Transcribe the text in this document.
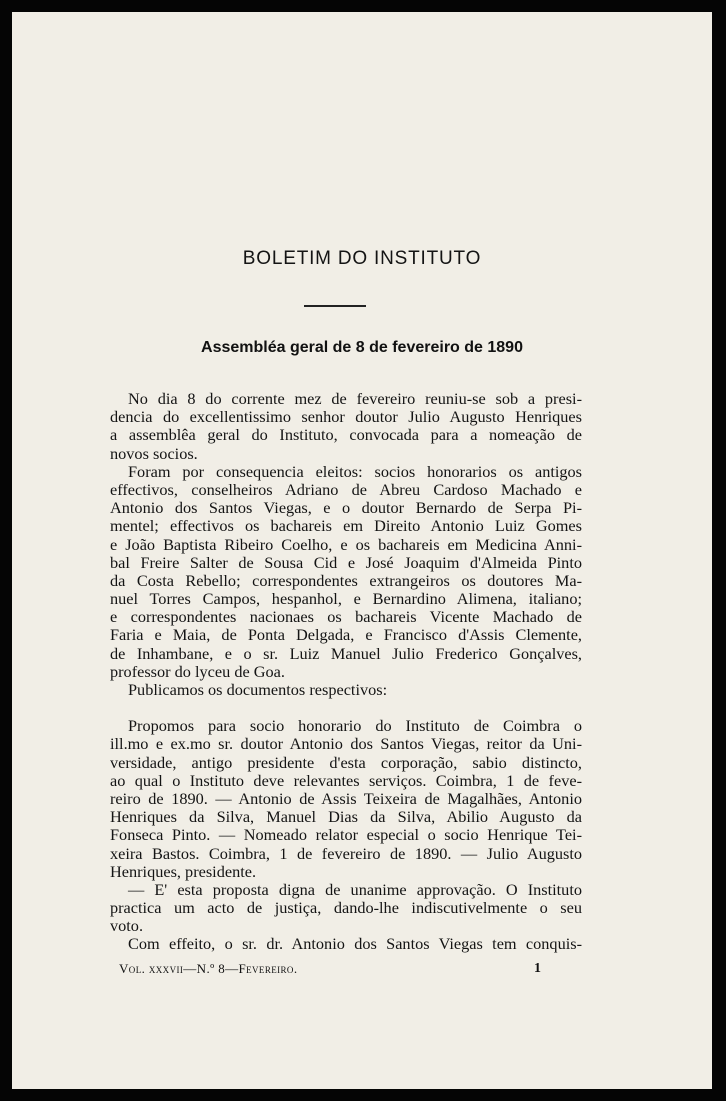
BOLETIM DO INSTITUTO
Assembléa geral de 8 de fevereiro de 1890
No dia 8 do corrente mez de fevereiro reuniu-se sob a presi-
dencia do excellentissimo senhor doutor Julio Augusto Henriques
a assemblêa geral do Instituto, convocada para a nomeação de
novos socios.
Foram por consequencia eleitos: socios honorarios os antigos
effectivos, conselheiros Adriano de Abreu Cardoso Machado e
Antonio dos Santos Viegas, e o doutor Bernardo de Serpa Pi-
mentel; effectivos os bachareis em Direito Antonio Luiz Gomes
e João Baptista Ribeiro Coelho, e os bachareis em Medicina Anni-
bal Freire Salter de Sousa Cid e José Joaquim d'Almeida Pinto
da Costa Rebello; correspondentes extrangeiros os doutores Ma-
nuel Torres Campos, hespanhol, e Bernardino Alimena, italiano;
e correspondentes nacionaes os bachareis Vicente Machado de
Faria e Maia, de Ponta Delgada, e Francisco d'Assis Clemente,
de Inhambane, e o sr. Luiz Manuel Julio Frederico Gonçalves,
professor do lyceu de Goa.
Publicamos os documentos respectivos:
Propomos para socio honorario do Instituto de Coimbra o
ill.mo e ex.mo sr. doutor Antonio dos Santos Viegas, reitor da Uni-
versidade, antigo presidente d'esta corporação, sabio distincto,
ao qual o Instituto deve relevantes serviços. Coimbra, 1 de feve-
reiro de 1890. — Antonio de Assis Teixeira de Magalhães, Antonio
Henriques da Silva, Manuel Dias da Silva, Abilio Augusto da
Fonseca Pinto. — Nomeado relator especial o socio Henrique Tei-
xeira Bastos. Coimbra, 1 de fevereiro de 1890. — Julio Augusto
Henriques, presidente.
— E' esta proposta digna de unanime approvação. O Instituto
practica um acto de justiça, dando-lhe indiscutivelmente o seu
voto.
Com effeito, o sr. dr. Antonio dos Santos Viegas tem conquis-
Vol. xxxvii—N.º 8—Fevereiro.	1
